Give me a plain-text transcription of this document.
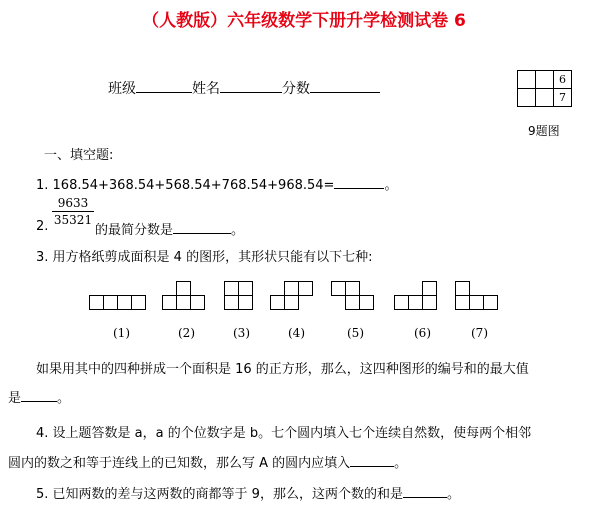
（人教版）六年级数学下册升学检测试卷 6
班级	姓名	分数
		6
		7
9题图
一、填空题:
1. 168.54+368.54+568.54+768.54+968.54=	。
2. $\frac{9633}{35321}$
的最简分数是	。
3. 用方格纸剪成面积是 4 的图形，其形状只能有以下七种:
(1)	(2)	(3)	(4)	(5)	(6)	(7)
如果用其中的四种拼成一个面积是 16 的正方形，那么，这四种图形的编号和的最大值
是	。
4. 设上题答数是 a，a 的个位数字是 b。七个圆内填入七个连续自然数，使每两个相邻
圆内的数之和等于连线上的已知数，那么写 A 的圆内应填入	。
5. 已知两数的差与这两数的商都等于 9，那么，这两个数的和是	。
